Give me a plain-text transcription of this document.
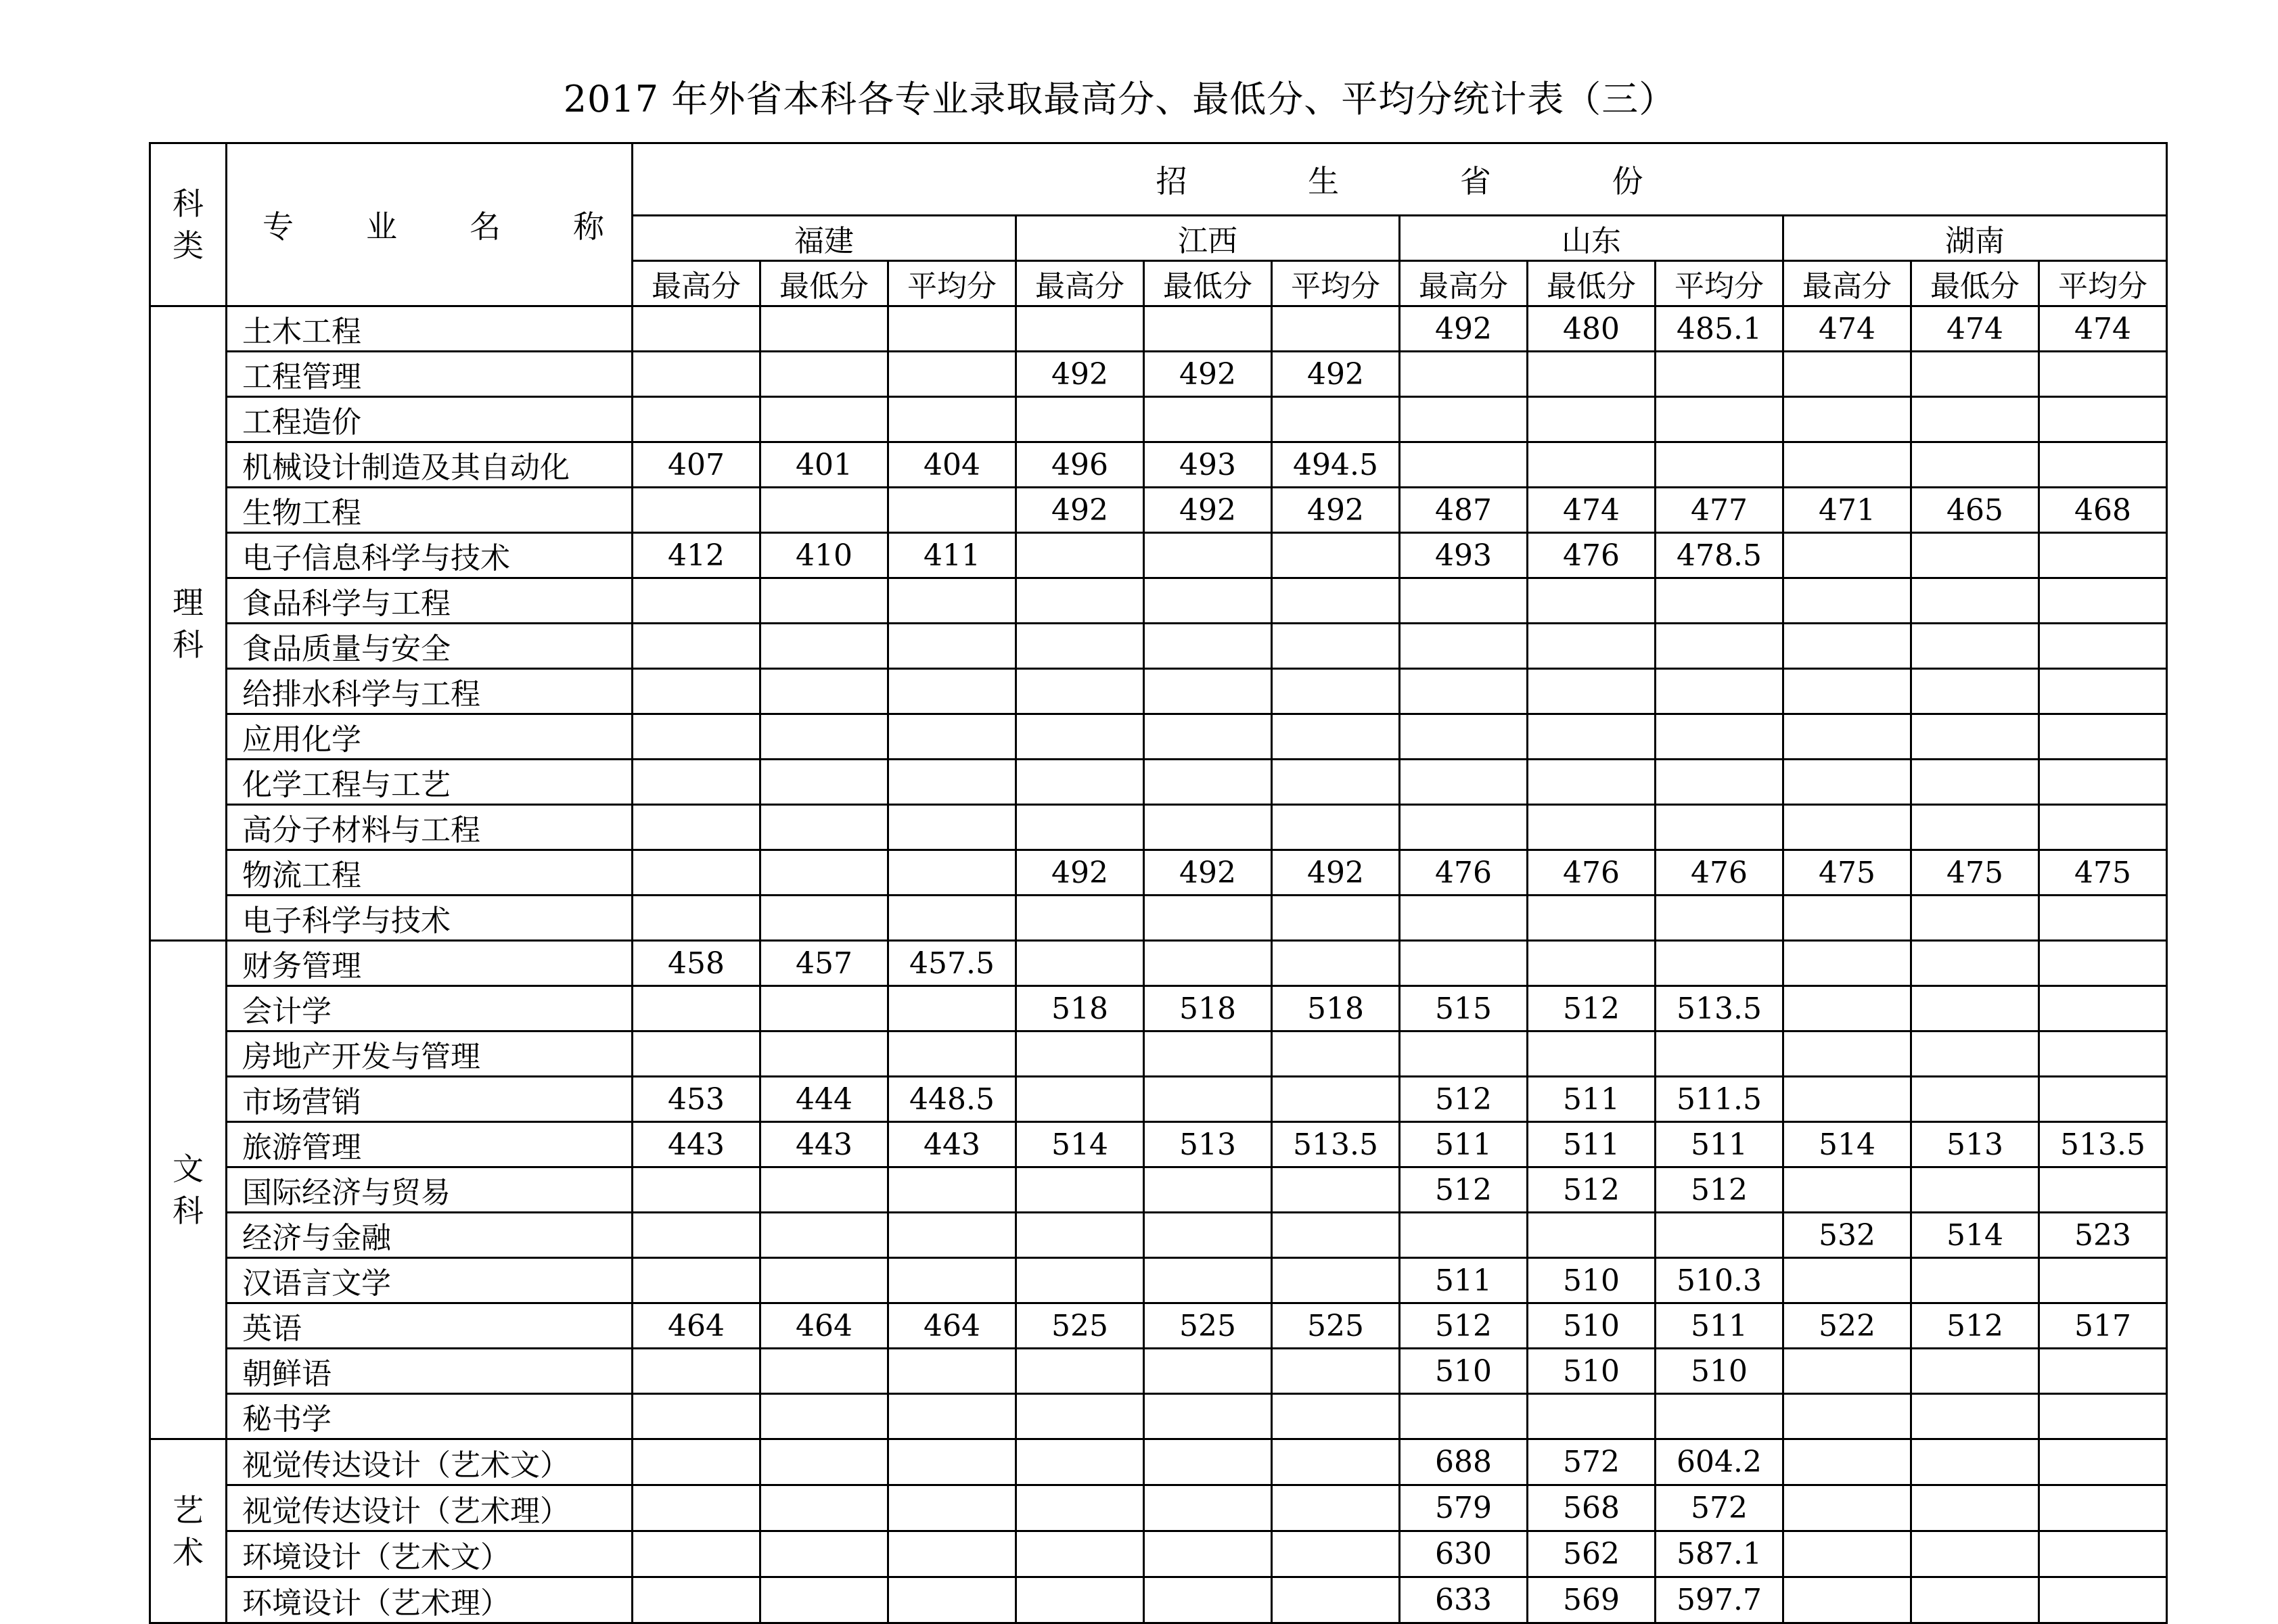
2017 年外省本科各专业录取最高分、最低分、平均分统计表（三）
科类	专 业 名 称	招 生 省 份											

		福建			江西			山东			湖南		
		最高分	最低分	平均分	最高分	最低分	平均分	最高分	最低分	平均分	最高分	最低分	平均分
理科	土木工程							492	480	485.1	474	474	474
	工程管理				492	492	492						
	工程造价												
	机械设计制造及其自动化	407	401	404	496	493	494.5						
	生物工程				492	492	492	487	474	477	471	465	468
	电子信息科学与技术	412	410	411				493	476	478.5			
	食品科学与工程												
	食品质量与安全												
	给排水科学与工程												
	应用化学												
	化学工程与工艺												
	高分子材料与工程												
	物流工程				492	492	492	476	476	476	475	475	475
	电子科学与技术												
文科	财务管理	458	457	457.5									
	会计学				518	518	518	515	512	513.5			
	房地产开发与管理												
	市场营销	453	444	448.5				512	511	511.5			
	旅游管理	443	443	443	514	513	513.5	511	511	511	514	513	513.5
	国际经济与贸易							512	512	512			
	经济与金融										532	514	523
	汉语言文学							511	510	510.3			
	英语	464	464	464	525	525	525	512	510	511	522	512	517
	朝鲜语							510	510	510			
	秘书学												
艺术	视觉传达设计（艺术文）							688	572	604.2			
	视觉传达设计（艺术理）							579	568	572			
	环境设计（艺术文）							630	562	587.1			
	环境设计（艺术理）							633	569	597.7			
